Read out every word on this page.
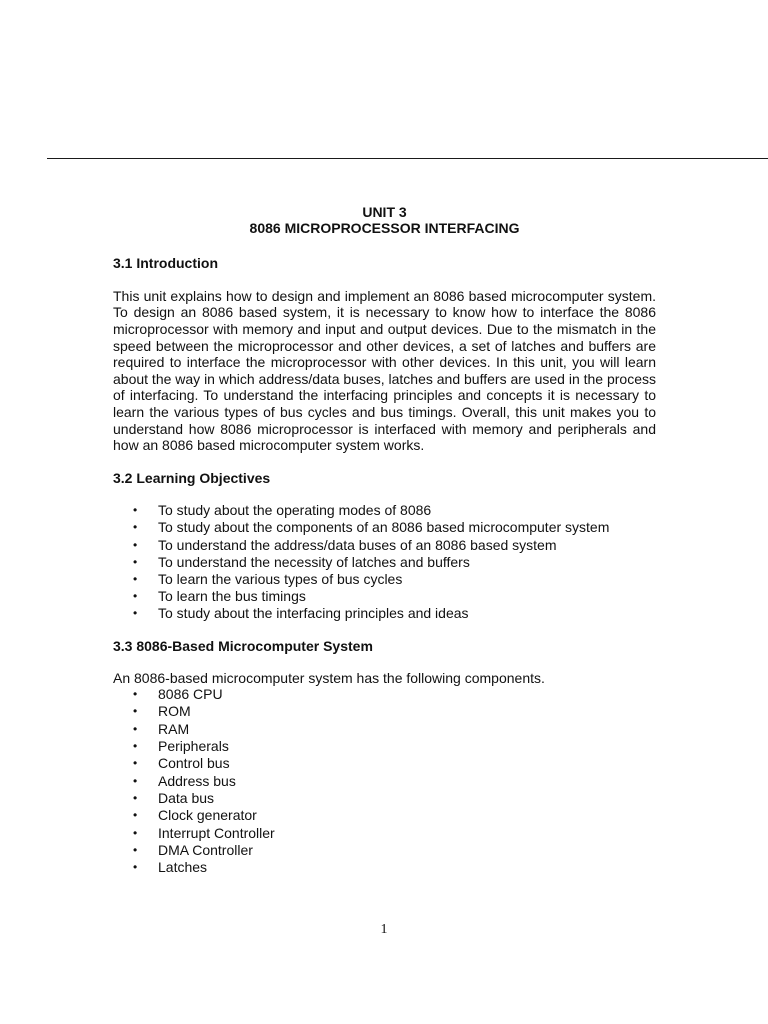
UNIT 3
8086 MICROPROCESSOR INTERFACING
3.1 Introduction

This unit explains how to design and implement an 8086 based microcomputer system. To design an 8086 based system, it is necessary to know how to interface the 8086 microprocessor with memory and input and output devices. Due to the mismatch in the speed between the microprocessor and other devices, a set of latches and buffers are required to interface the microprocessor with other devices. In this unit, you will learn about the way in which address/data buses, latches and buffers are used in the process of interfacing. To understand the interfacing principles and concepts it is necessary to learn the various types of bus cycles and bus timings. Overall, this unit makes you to understand how 8086 microprocessor is interfaced with memory and peripherals and how an 8086 based microcomputer system works.

3.2 Learning Objectives
• To study about the operating modes of 8086
• To study about the components of an 8086 based microcomputer system
• To understand the address/data buses of an 8086 based system
• To understand the necessity of latches and buffers
• To learn the various types of bus cycles
• To learn the bus timings
• To study about the interfacing principles and ideas
3.3 8086-Based Microcomputer System

An 8086-based microcomputer system has the following components.

• 8086 CPU
• ROM
• RAM
• Peripherals
• Control bus
• Address bus
• Data bus
• Clock generator
• Interrupt Controller
• DMA Controller
• Latches
1
